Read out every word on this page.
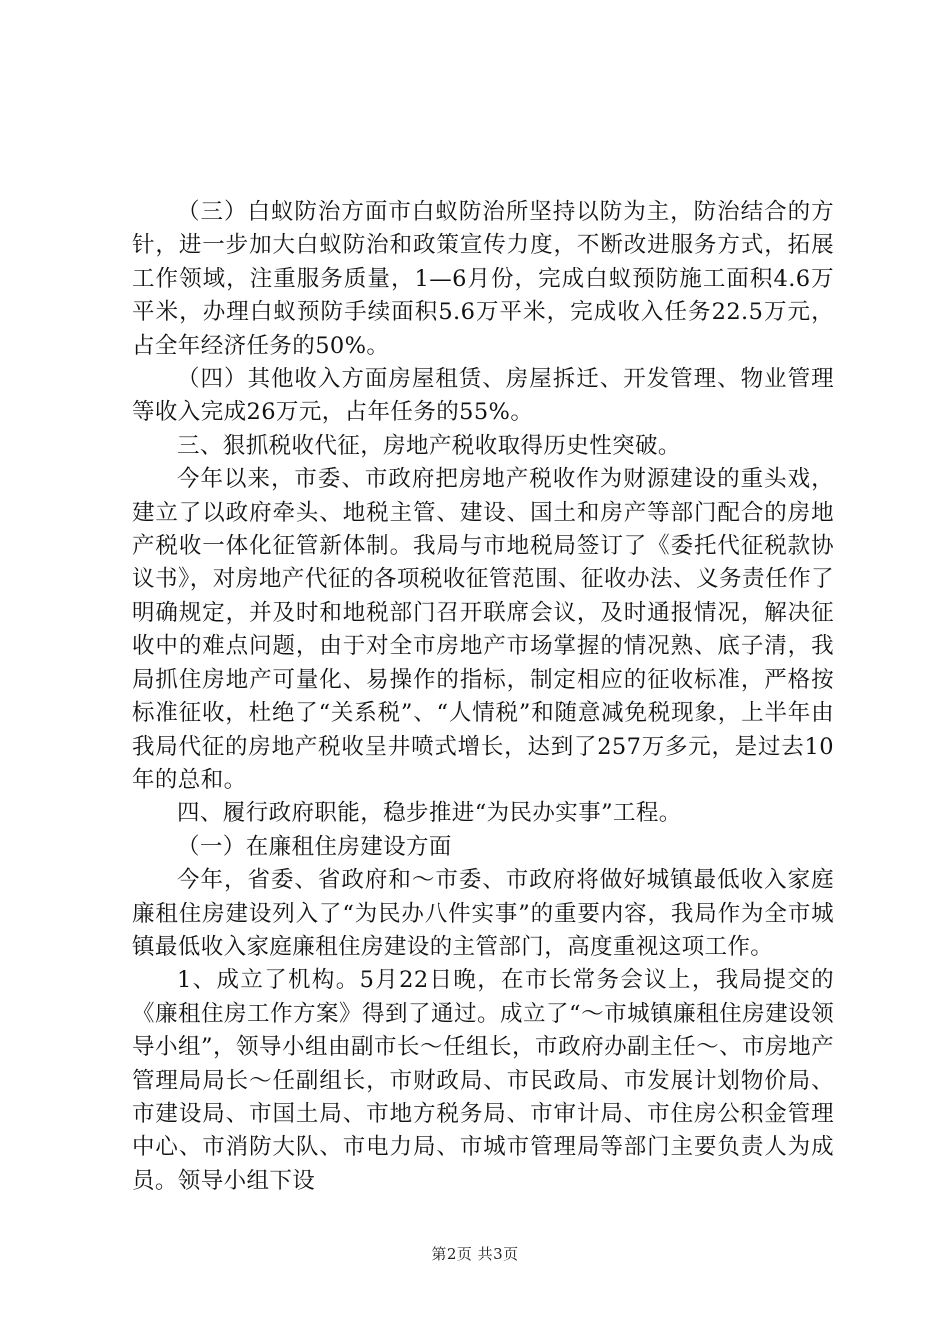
（三）白蚁防治方面市白蚁防治所坚持以防为主，防治结合的方针，进一步加大白蚁防治和政策宣传力度，不断改进服务方式，拓展工作领域，注重服务质量，1—6月份，完成白蚁预防施工面积4.6万平米，办理白蚁预防手续面积5.6万平米，完成收入任务22.5万元，占全年经济任务的50%。

（四）其他收入方面房屋租赁、房屋拆迁、开发管理、物业管理等收入完成26万元，占年任务的55%。

三、狠抓税收代征，房地产税收取得历史性突破。

今年以来，市委、市政府把房地产税收作为财源建设的重头戏，建立了以政府牵头、地税主管、建设、国土和房产等部门配合的房地产税收一体化征管新体制。我局与市地税局签订了《委托代征税款协议书》，对房地产代征的各项税收征管范围、征收办法、义务责任作了明确规定，并及时和地税部门召开联席会议，及时通报情况，解决征收中的难点问题，由于对全市房地产市场掌握的情况熟、底子清，我局抓住房地产可量化、易操作的指标，制定相应的征收标准，严格按标准征收，杜绝了“关系税”、“人情税”和随意减免税现象，上半年由我局代征的房地产税收呈井喷式增长，达到了257万多元，是过去10年的总和。

四、履行政府职能，稳步推进“为民办实事”工程。

（一）在廉租住房建设方面

今年，省委、省政府和～市委、市政府将做好城镇最低收入家庭廉租住房建设列入了“为民办八件实事”的重要内容，我局作为全市城镇最低收入家庭廉租住房建设的主管部门，高度重视这项工作。

1、成立了机构。5月22日晚，在市长常务会议上，我局提交的《廉租住房工作方案》得到了通过。成立了“～市城镇廉租住房建设领导小组”，领导小组由副市长～任组长，市政府办副主任～、市房地产管理局局长～任副组长，市财政局、市民政局、市发展计划物价局、市建设局、市国土局、市地方税务局、市审计局、市住房公积金管理中心、市消防大队、市电力局、市城市管理局等部门主要负责人为成员。领导小组下设

第2页 共3页
